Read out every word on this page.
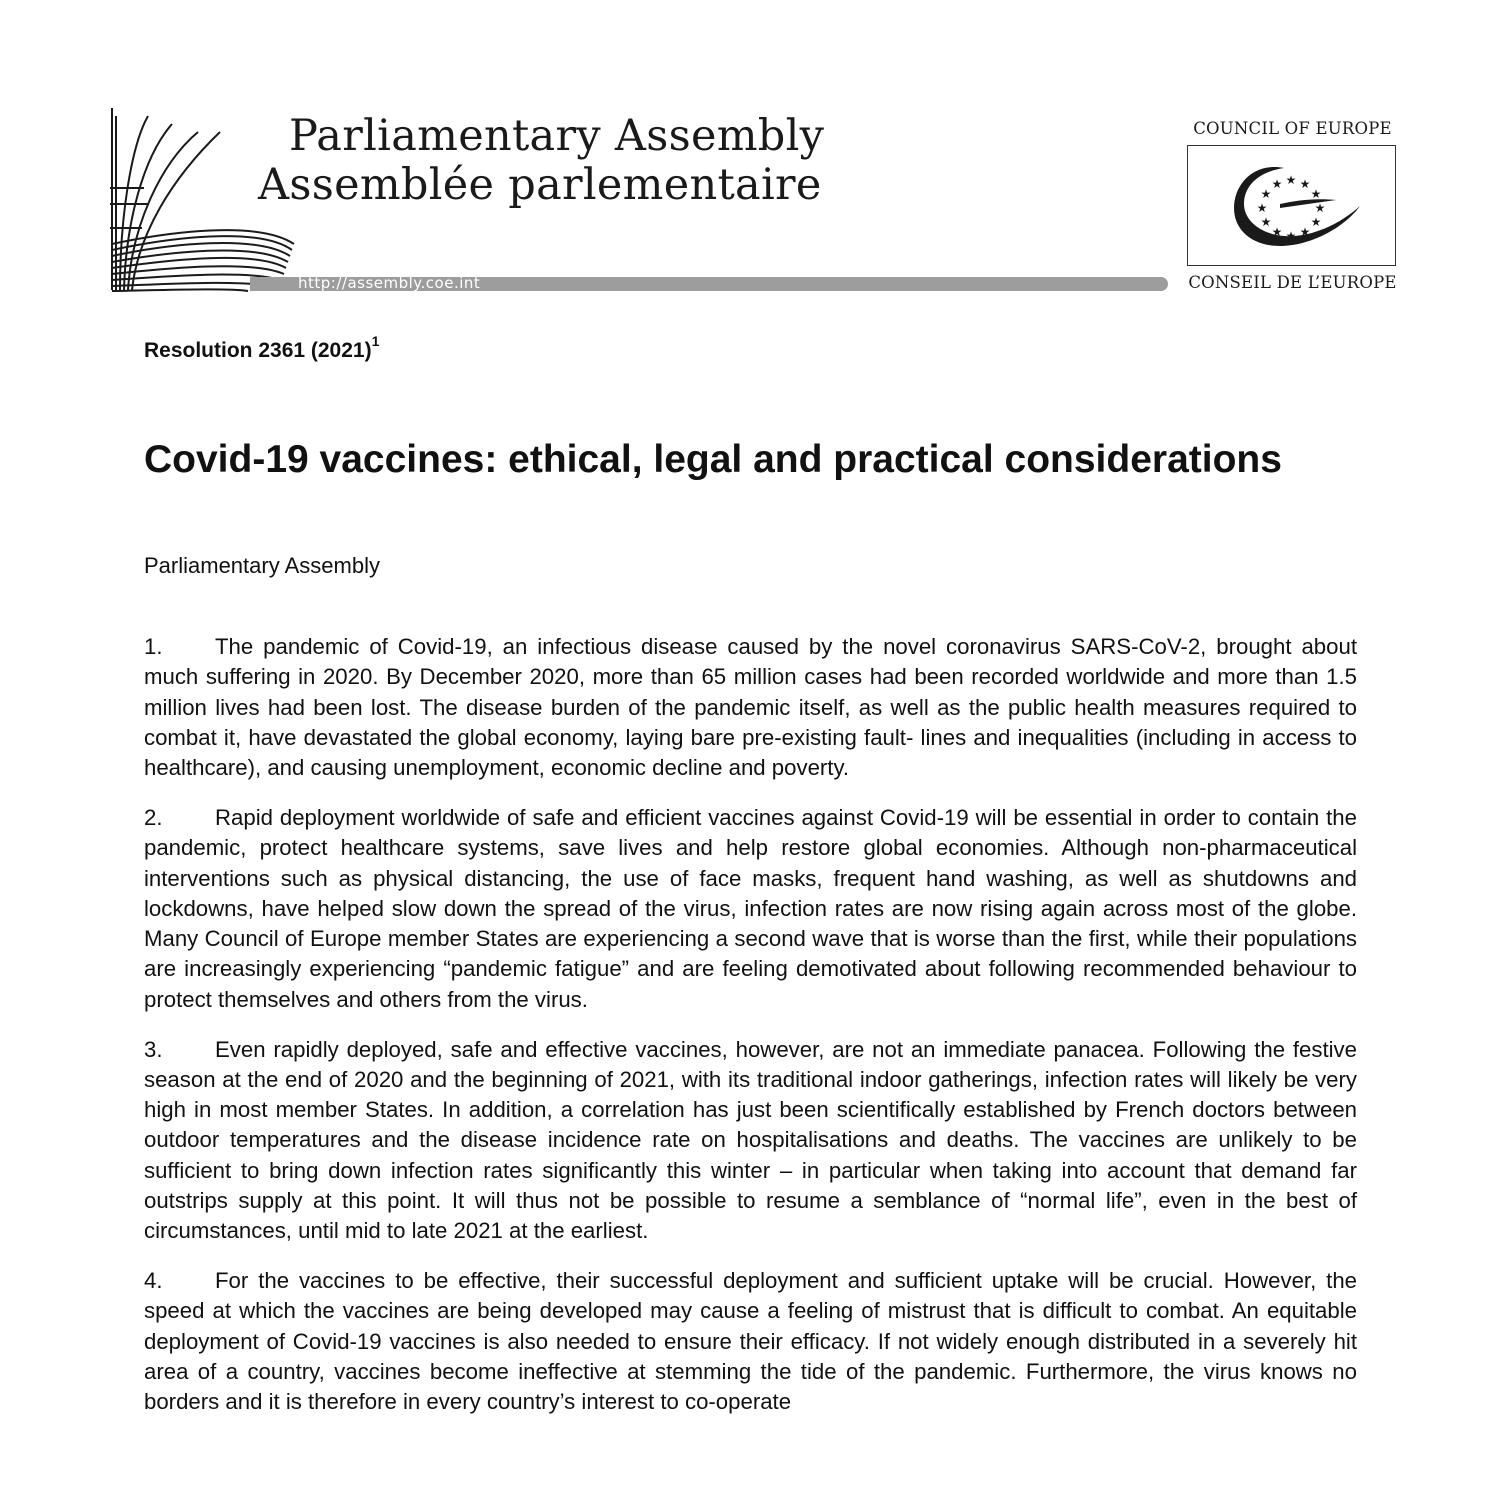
Parliamentary Assembly
Assemblée parlementaire
http://assembly.coe.int
COUNCIL OF EUROPE
★ ★
★
★
★
★
★
★
★
★
★
★
CONSEIL DE L’EUROPE
Resolution 2361 $(2021)^1$
Covid-19 vaccines: ethical, legal and practical considerations
Parliamentary Assembly

1. The pandemic of Covid-19, an infectious disease caused by the novel coronavirus SARS-CoV-2, brought about much suffering in 2020. By December 2020, more than 65 million cases had been recorded worldwide and more than 1.5 million lives had been lost. The disease burden of the pandemic itself, as well as the public health measures required to combat it, have devastated the global economy, laying bare pre-existing fault- lines and inequalities (including in access to healthcare), and causing unemployment, economic decline and poverty.

2. Rapid deployment worldwide of safe and efficient vaccines against Covid-19 will be essential in order to contain the pandemic, protect healthcare systems, save lives and help restore global economies. Although non-pharmaceutical interventions such as physical distancing, the use of face masks, frequent hand washing, as well as shutdowns and lockdowns, have helped slow down the spread of the virus, infection rates are now rising again across most of the globe. Many Council of Europe member States are experiencing a second wave that is worse than the first, while their populations are increasingly experiencing “pandemic fatigue” and are feeling demotivated about following recommended behaviour to protect themselves and others from the virus.

3. Even rapidly deployed, safe and effective vaccines, however, are not an immediate panacea. Following the festive season at the end of 2020 and the beginning of 2021, with its traditional indoor gatherings, infection rates will likely be very high in most member States. In addition, a correlation has just been scientifically established by French doctors between outdoor temperatures and the disease incidence rate on hospitalisations and deaths. The vaccines are unlikely to be sufficient to bring down infection rates significantly this winter – in particular when taking into account that demand far outstrips supply at this point. It will thus not be possible to resume a semblance of “normal life”, even in the best of circumstances, until mid to late 2021 at the earliest.

4. For the vaccines to be effective, their successful deployment and sufficient uptake will be crucial. However, the speed at which the vaccines are being developed may cause a feeling of mistrust that is difficult to combat. An equitable deployment of Covid-19 vaccines is also needed to ensure their efficacy. If not widely enough distributed in a severely hit area of a country, vaccines become ineffective at stemming the tide of the pandemic. Furthermore, the virus knows no borders and it is therefore in every country’s interest to co-operate
